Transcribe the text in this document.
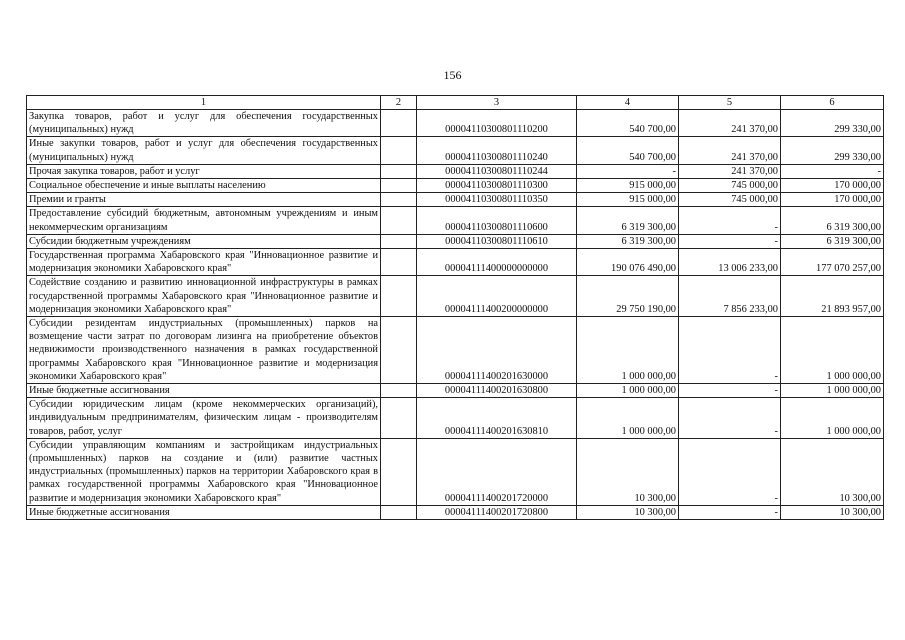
156
1	2	3	4	5	6
Закупка товаров, работ и услуг для обеспечения государственных (муниципальных) нужд		00004110300801110200	540 700,00	241 370,00	299 330,00
Иные закупки товаров, работ и услуг для обеспечения государственных (муниципальных) нужд		00004110300801110240	540 700,00	241 370,00	299 330,00
Прочая закупка товаров, работ и услуг		00004110300801110244	-	241 370,00	-
Социальное обеспечение и иные выплаты населению		00004110300801110300	915 000,00	745 000,00	170 000,00
Премии и гранты		00004110300801110350	915 000,00	745 000,00	170 000,00
Предоставление субсидий бюджетным, автономным учреждениям и иным некоммерческим организациям		00004110300801110600	6 319 300,00	-	6 319 300,00
Субсидии бюджетным учреждениям		00004110300801110610	6 319 300,00	-	6 319 300,00
Государственная программа Хабаровского края "Инновационное развитие и модернизация экономики Хабаровского края"		00004111400000000000	190 076 490,00	13 006 233,00	177 070 257,00
Содействие созданию и развитию инновационной инфраструктуры в рамках государственной программы Хабаровского края "Инновационное развитие и модернизация экономики Хабаровского края"		00004111400200000000	29 750 190,00	7 856 233,00	21 893 957,00
Субсидии резидентам индустриальных (промышленных) парков на возмещение части затрат по договорам лизинга на приобретение объектов недвижимости производственного назначения в рамках государственной программы Хабаровского края "Инновационное развитие и модернизация экономики Хабаровского края"		00004111400201630000	1 000 000,00	-	1 000 000,00
Иные бюджетные ассигнования		00004111400201630800	1 000 000,00	-	1 000 000,00
Субсидии юридическим лицам (кроме некоммерческих организаций), индивидуальным предпринимателям, физическим лицам - производителям товаров, работ, услуг		00004111400201630810	1 000 000,00	-	1 000 000,00
Субсидии управляющим компаниям и застройщикам индустриальных (промышленных) парков на создание и (или) развитие частных индустриальных (промышленных) парков на территории Хабаровского края в рамках государственной программы Хабаровского края "Инновационное развитие и модернизация экономики Хабаровского края"		00004111400201720000	10 300,00	-	10 300,00
Иные бюджетные ассигнования		00004111400201720800	10 300,00	-	10 300,00
